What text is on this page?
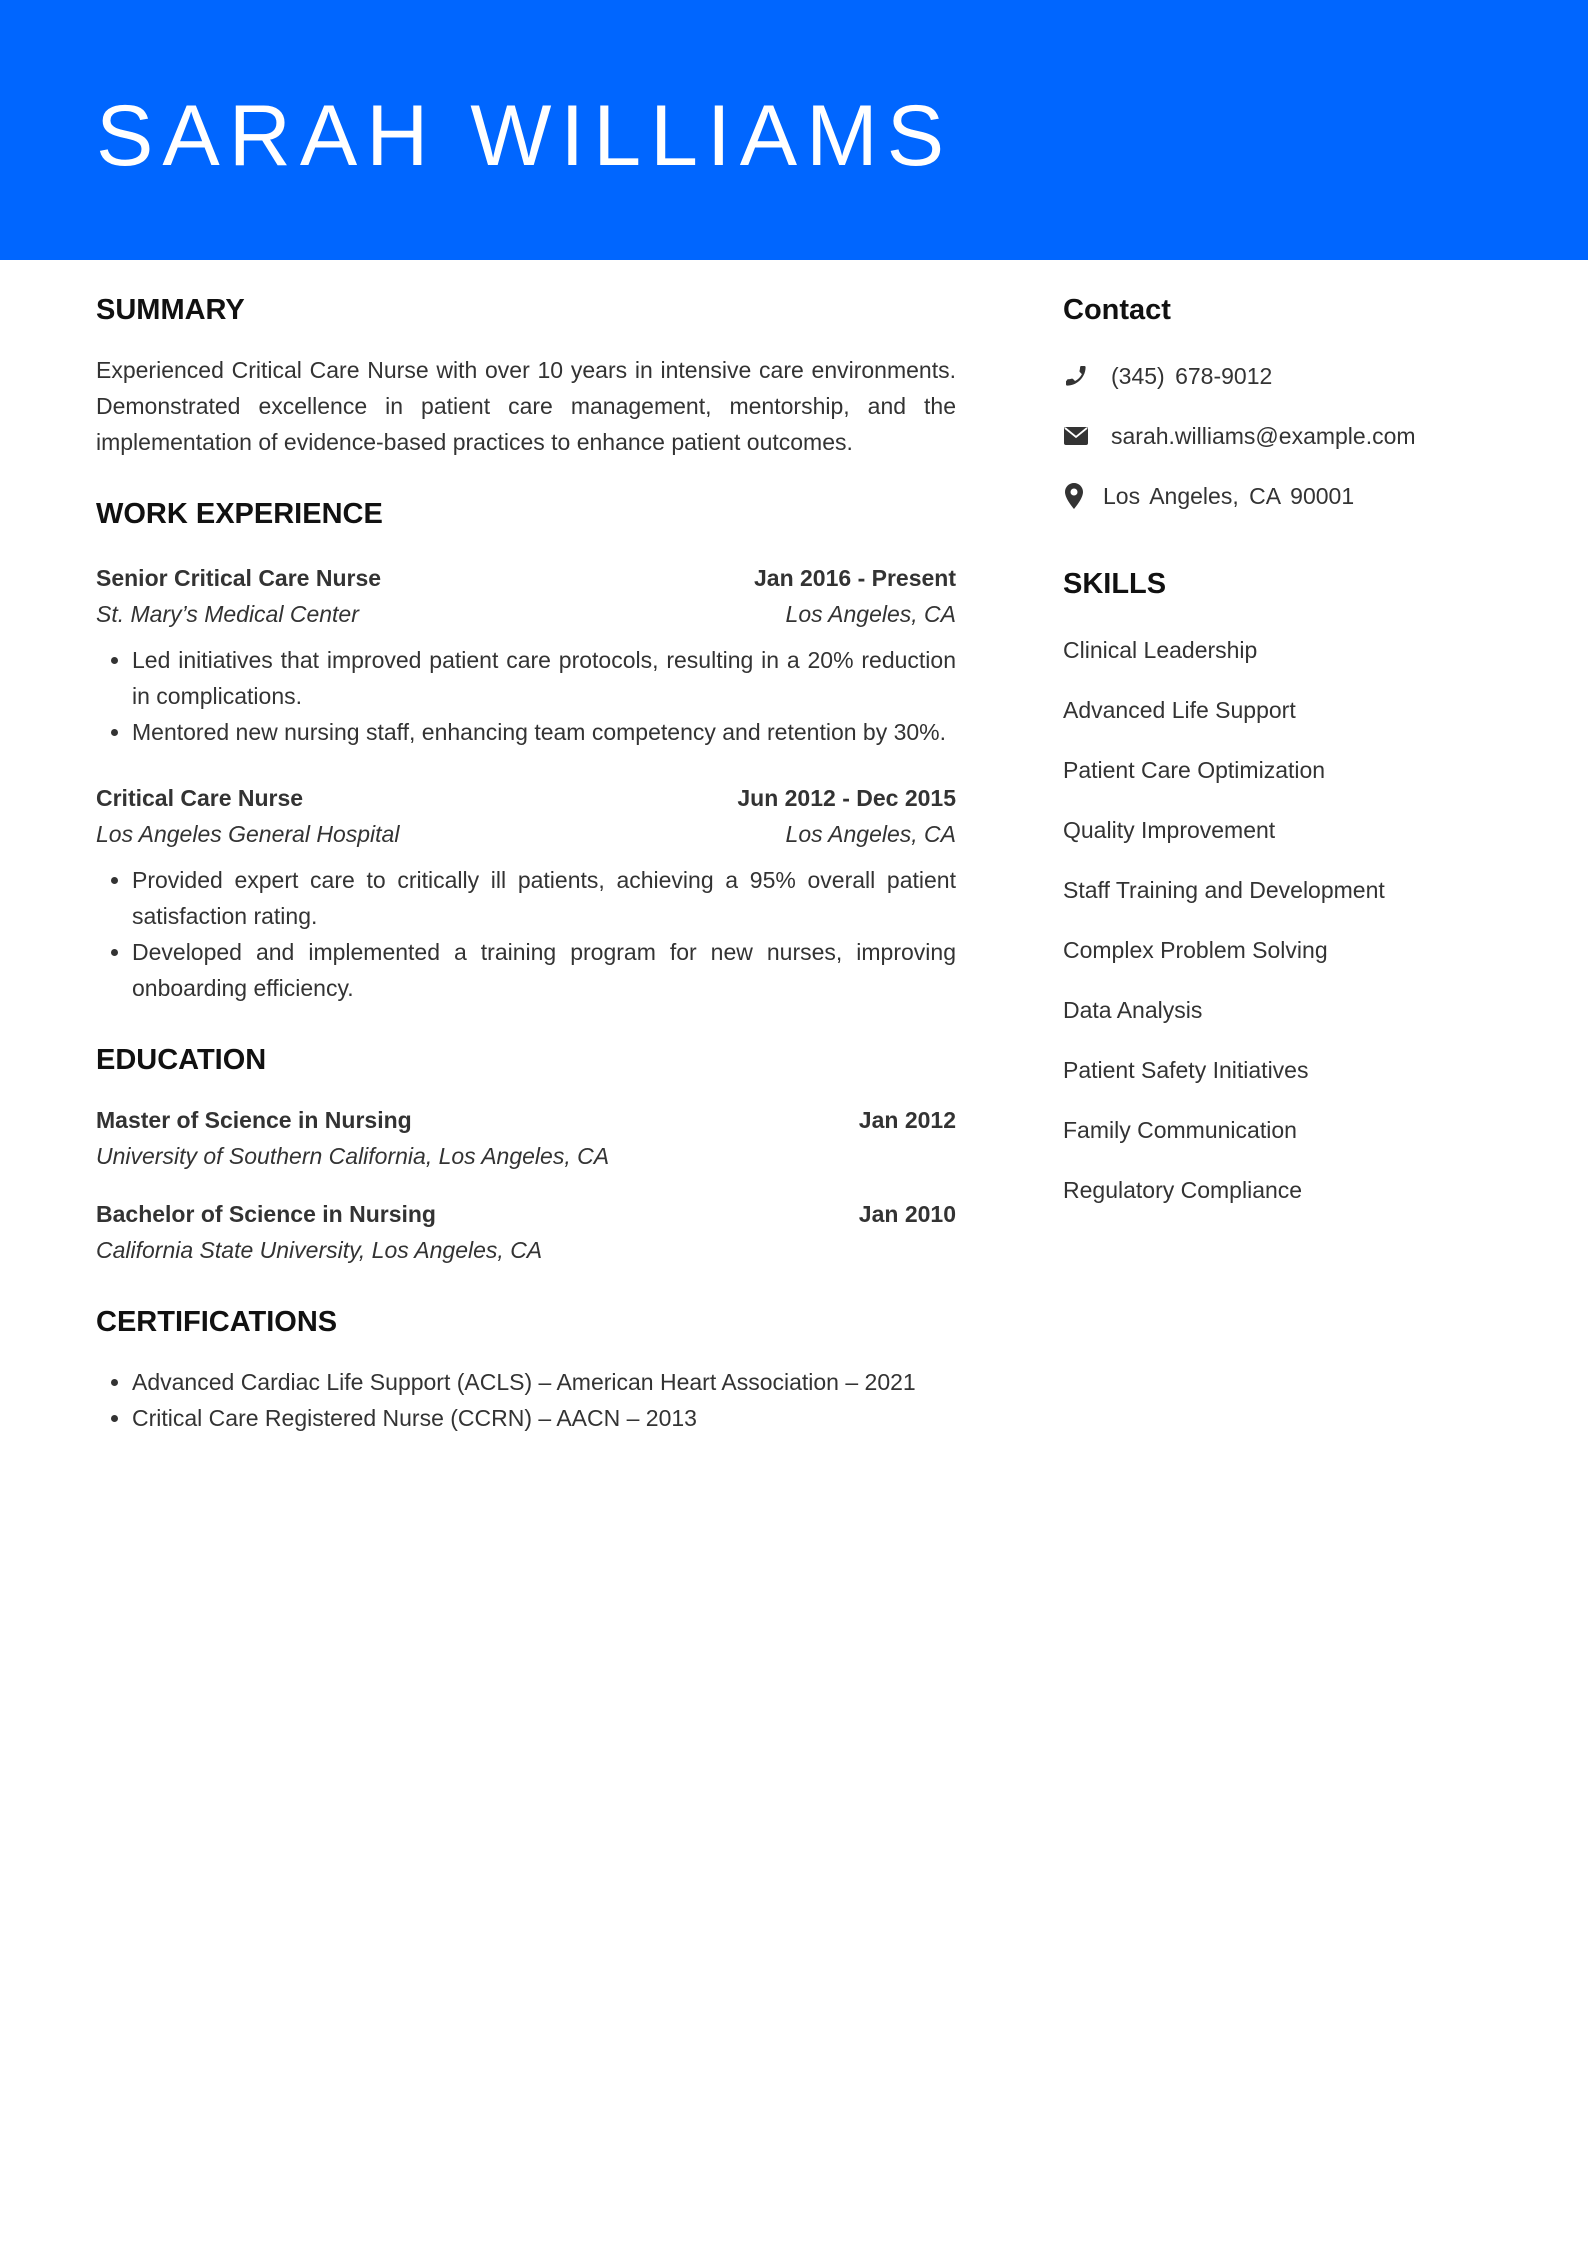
SARAH WILLIAMS
SUMMARY

Experienced Critical Care Nurse with over 10 years in intensive care environments. Demonstrated excellence in patient care management, mentorship, and the implementation of evidence-based practices to enhance patient outcomes.

WORK EXPERIENCE
Senior Critical Care Nurse	Jan 2016 - Present
St. Mary’s Medical Center	Los Angeles, CA
• Led initiatives that improved patient care protocols, resulting in a 20% reduction in complications.
• Mentored new nursing staff, enhancing team competency and retention by 30%.
Critical Care Nurse	Jun 2012 - Dec 2015
Los Angeles General Hospital	Los Angeles, CA
• Provided expert care to critically ill patients, achieving a 95% overall patient satisfaction rating.
• Developed and implemented a training program for new nurses, improving onboarding efficiency.
EDUCATION
Master of Science in Nursing	Jan 2012
University of Southern California, Los Angeles, CA
Bachelor of Science in Nursing	Jan 2010
California State University, Los Angeles, CA
CERTIFICATIONS
• Advanced Cardiac Life Support (ACLS) – American Heart Association – 2021
• Critical Care Registered Nurse (CCRN) – AACN – 2013
Contact
(345) 678-9012
sarah.williams@example.com
Los Angeles, CA 90001
SKILLS
Clinical Leadership
Advanced Life Support
Patient Care Optimization
Quality Improvement
Staff Training and Development
Complex Problem Solving
Data Analysis
Patient Safety Initiatives
Family Communication
Regulatory Compliance
